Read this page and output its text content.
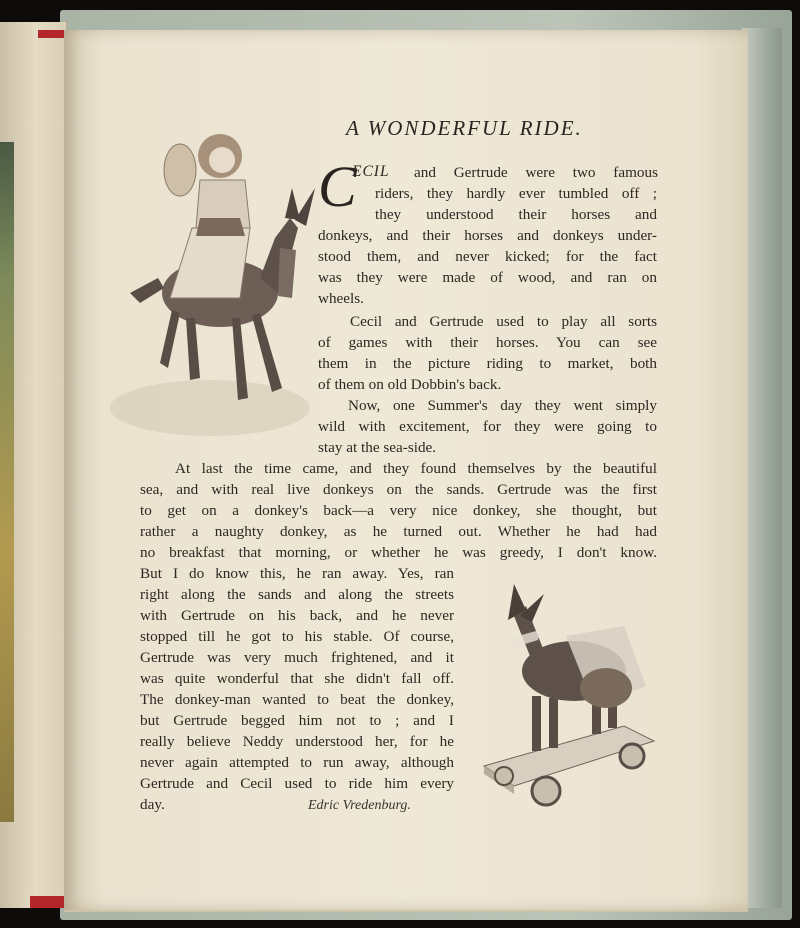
A WONDERFUL RIDE.
C
ECIL and Gertrude were two famous
riders, they hardly ever tumbled off ;
they understood their horses and
donkeys, and their horses and donkeys under-
stood them, and never kicked; for the fact
was they were made of wood, and ran on
wheels.
Cecil and Gertrude used to play all sorts
of games with their horses. You can see
them in the picture riding to market, both
of them on old Dobbin's back.
Now, one Summer's day they went simply
wild with excitement, for they were going to
stay at the sea-side.
At last the time came, and they found themselves by the beautiful
sea, and with real live donkeys on the sands. Gertrude was the first
to get on a donkey's back—a very nice donkey, she thought, but
rather a naughty donkey, as he turned out. Whether he had had
no breakfast that morning, or whether he was greedy, I don't know.
But I do know this, he ran away. Yes, ran
right along the sands and along the streets
with Gertrude on his back, and he never
stopped till he got to his stable. Of course,
Gertrude was very much frightened, and it
was quite wonderful that she didn't fall off.
The donkey-man wanted to beat the donkey,
but Gertrude begged him not to ; and I
really believe Neddy understood her, for he
never again attempted to run away, although
Gertrude and Cecil used to ride him every
day.	Edric Vredenburg.
